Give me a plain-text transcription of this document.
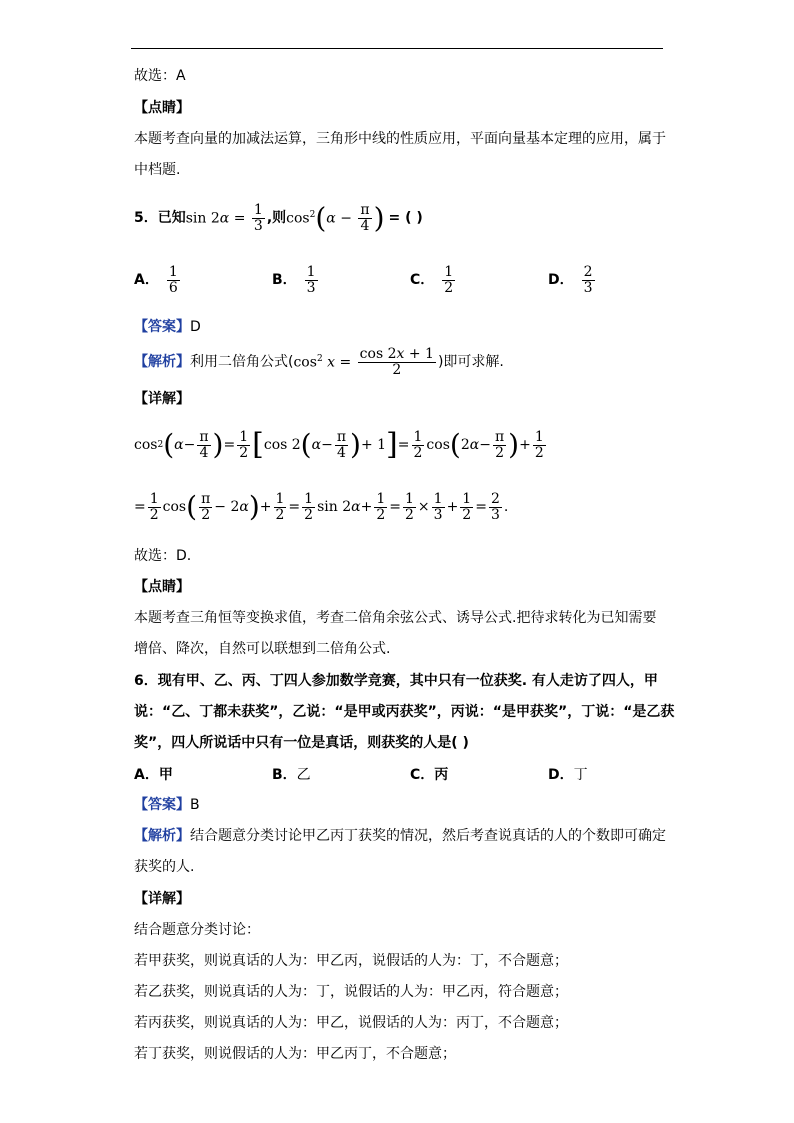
故选：A
【点睛】
本题考查向量的加减法运算，三角形中线的性质应用，平面向量基本定理的应用，属于
中档题.
5． 已知 $\sin 2\alpha = \frac{1}{3}$ ,则 $\cos^2(\alpha - \frac{\pi}{4}$ ) = ( )
A． $\frac{1}{6}$	B． $\frac{1}{3}$	C． $\frac{1}{2}$	D． $\frac{2}{3}$
【答案】D
【解析】 利用二倍角公式( $\cos^2 x = \frac{\cos 2x + 1}{2}$ )即可求解.
【详解】
cos 2 ( $\alpha - \frac{\pi}{4}$ ) = $\frac{1}{2}$ [ cos 2 ( $\alpha - \frac{\pi}{4}$ ) + 1 ] = $\frac{1}{2}$ cos ( 2 $\alpha - \frac{\pi}{2}$ ) + $\frac{1}{2}$
= $\frac{1}{2}$ cos ( $\frac{\pi}{2} - 2$ α ) + $\frac{1}{2} = \frac{1}{2}$ sin 2 $\alpha + \frac{1}{2} = \frac{1}{2} \times \frac{1}{3} + \frac{1}{2} = \frac{2}{3}$ .
故选：D.
【点睛】
本题考查三角恒等变换求值，考查二倍角余弦公式、诱导公式.把待求转化为已知需要
增倍、降次，自然可以联想到二倍角公式.
6．现有甲、乙、丙、丁四人参加数学竞赛，其中只有一位获奖. 有人走访了四人，甲
说：“乙、丁都未获奖”，乙说：“是甲或丙获奖”，丙说：“是甲获奖”，丁说：“是乙获
奖”，四人所说话中只有一位是真话，则获奖的人是( )
A．甲	B．乙	C．丙	D．丁
【答案】B
【解析】结合题意分类讨论甲乙丙丁获奖的情况，然后考查说真话的人的个数即可确定
获奖的人.
【详解】
结合题意分类讨论：
若甲获奖，则说真话的人为：甲乙丙，说假话的人为：丁，不合题意；
若乙获奖，则说真话的人为：丁，说假话的人为：甲乙丙，符合题意；
若丙获奖，则说真话的人为：甲乙，说假话的人为：丙丁，不合题意；
若丁获奖，则说假话的人为：甲乙丙丁，不合题意；
